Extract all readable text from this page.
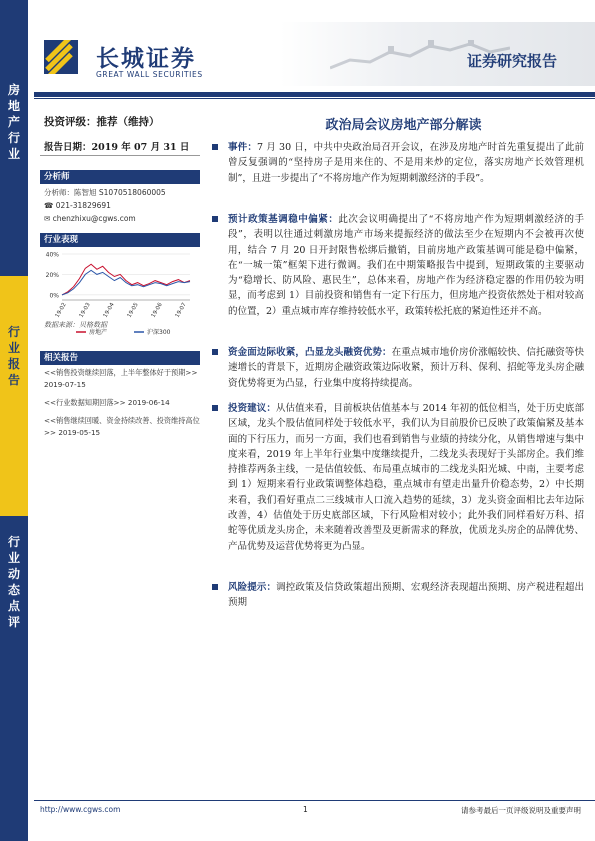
房地产行业
行业报告
行业动态点评
长城证券
GREAT WALL SECURITIES
证券研究报告
投资评级：推荐（维持）
报告日期：2019 年 07 月 31 日
分析师
分析师：陈智旭 S1070518060005
☎ 021-31829691
✉ chenzhixu@cgws.com
行业表现
40%
20%
0%
19-02 19-03 19-04 19-05 19-06 19-07
房地产	沪深300
数据来源：贝格数据
相关报告
<<销售投资继续回落，上半年整体好于预期>> 2019-07-15
<<行业数据知期回落>> 2019-06-14
<<销售继续回暖、资金持续改善、投资维持高位>> 2019-05-15
政治局会议房地产部分解读
事件：7 月 30 日，中共中央政治局召开会议，在涉及房地产时首先重复提出了此前曾反复强调的“坚持房子是用来住的、不是用来炒的定位，落实房地产长效管理机制”，且进一步提出了“不将房地产作为短期刺激经济的手段”。
预计政策基调稳中偏紧：此次会议明确提出了“不将房地产作为短期刺激经济的手段”，表明以往通过刺激房地产市场来提振经济的做法至少在短期内不会被再次使用，结合 7 月 20 日开封限售松绑后撤销，目前房地产政策基调可能是稳中偏紧，在“一城一策”框架下进行微调。我们在中期策略报告中提到，短期政策的主要驱动为“稳增长、防风险、惠民生”，总体来看，房地产作为经济稳定器的作用仍较为明显，而考虑到 1）目前投资和销售有一定下行压力，但房地产投资依然处于相对较高的位置，2）重点城市库存维持较低水平，政策转松托底的紧迫性还并不高。
资金面边际收紧，凸显龙头融资优势：在重点城市地价房价涨幅较快、信托融资等快速增长的背景下，近期房企融资政策边际收紧，预计万科、保利、招蛇等龙头房企融资优势将更为凸显，行业集中度将持续提高。
投资建议：从估值来看，目前板块估值基本与 2014 年初的低位相当，处于历史底部区域，龙头个股估值同样处于较低水平，我们认为目前股价已反映了政策偏紧及基本面的下行压力，而另一方面，我们也看到销售与业绩的持续分化，从销售增速与集中度来看，2019 年上半年行业集中度继续提升，二线龙头表现好于头部房企。我们维持推荐两条主线，一是估值较低、布局重点城市的二线龙头阳光城、中南，主要考虑到 1）短期来看行业政策调整体趋稳，重点城市有望走出量升价稳态势，2）中长期来看，我们看好重点二三线城市人口流入趋势的延续，3）龙头资金面相比去年边际改善，4）估值处于历史底部区域，下行风险相对较小；此外我们同样看好万科、招蛇等优质龙头房企，未来随着改善型及更新需求的释放，优质龙头房企的品牌优势、产品优势及运营优势将更为凸显。
风险提示：调控政策及信贷政策超出预期、宏观经济表现超出预期、房产税进程超出预期
http://www.cgws.com	1	请参考最后一页评级说明及重要声明
